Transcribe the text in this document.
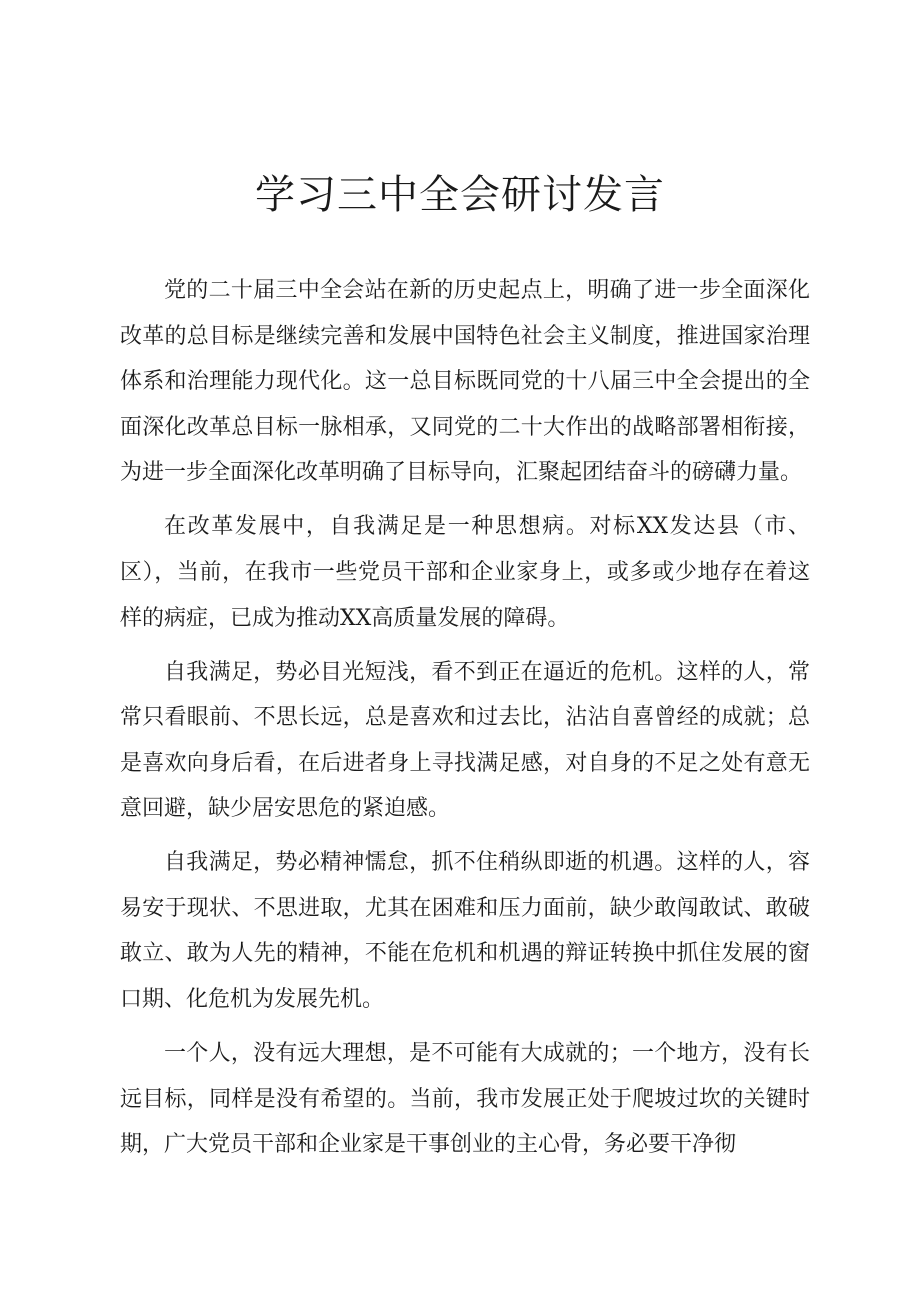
学习三中全会研讨发言

党的二十届三中全会站在新的历史起点上，明确了进一步全面深化改革的总目标是继续完善和发展中国特色社会主义制度，推进国家治理体系和治理能力现代化。这一总目标既同党的十八届三中全会提出的全面深化改革总目标一脉相承，又同党的二十大作出的战略部署相衔接，为进一步全面深化改革明确了目标导向，汇聚起团结奋斗的磅礴力量。

在改革发展中，自我满足是一种思想病。对标XX发达县（市、区），当前，在我市一些党员干部和企业家身上，或多或少地存在着这样的病症，已成为推动XX高质量发展的障碍。

自我满足，势必目光短浅，看不到正在逼近的危机。这样的人，常常只看眼前、不思长远，总是喜欢和过去比，沾沾自喜曾经的成就；总是喜欢向身后看，在后进者身上寻找满足感，对自身的不足之处有意无意回避，缺少居安思危的紧迫感。

自我满足，势必精神懦怠，抓不住稍纵即逝的机遇。这样的人，容易安于现状、不思进取，尤其在困难和压力面前，缺少敢闯敢试、敢破敢立、敢为人先的精神，不能在危机和机遇的辩证转换中抓住发展的窗口期、化危机为发展先机。

一个人，没有远大理想，是不可能有大成就的；一个地方，没有长远目标，同样是没有希望的。当前，我市发展正处于爬坡过坎的关键时期，广大党员干部和企业家是干事创业的主心骨，务必要干净彻
